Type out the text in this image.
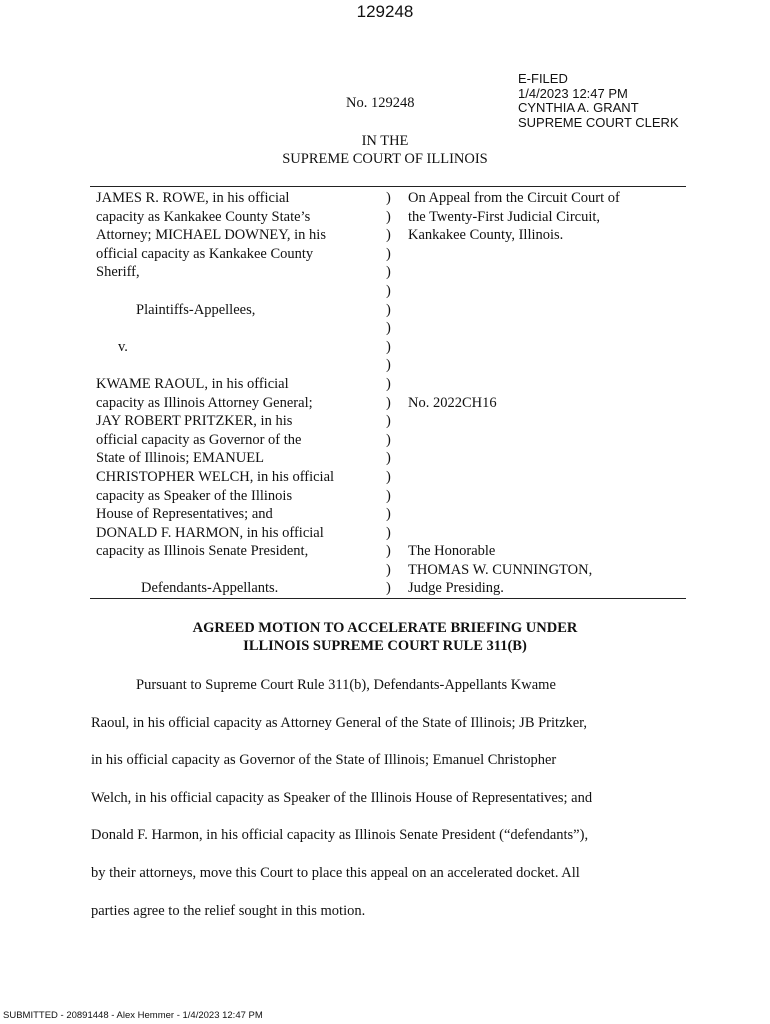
129248
E-FILED
1/4/2023 12:47 PM
CYNTHIA A. GRANT
SUPREME COURT CLERK
No. 129248
IN THE
SUPREME COURT OF ILLINOIS
JAMES R. ROWE, in his official	) On Appeal from the Circuit Court of
capacity as Kankakee County State’s	) the Twenty-First Judicial Circuit,
Attorney; MICHAEL DOWNEY, in his	) Kankakee County, Illinois.
official capacity as Kankakee County	)
Sheriff,	)
)
Plaintiffs-Appellees,	)
)
v.	)
)
KWAME RAOUL, in his official	)
capacity as Illinois Attorney General;	) No. 2022CH16
JAY ROBERT PRITZKER, in his	)
official capacity as Governor of the	)
State of Illinois; EMANUEL	)
CHRISTOPHER WELCH, in his official	)
capacity as Speaker of the Illinois	)
House of Representatives; and	)
DONALD F. HARMON, in his official	)
capacity as Illinois Senate President,	) The Honorable
) THOMAS W. CUNNINGTON,
Defendants-Appellants.	) Judge Presiding.
AGREED MOTION TO ACCELERATE BRIEFING UNDER
ILLINOIS SUPREME COURT RULE 311(B)
Pursuant to Supreme Court Rule 311(b), Defendants-Appellants Kwame
Raoul, in his official capacity as Attorney General of the State of Illinois; JB Pritzker,
in his official capacity as Governor of the State of Illinois; Emanuel Christopher
Welch, in his official capacity as Speaker of the Illinois House of Representatives; and
Donald F. Harmon, in his official capacity as Illinois Senate President (“defendants”),
by their attorneys, move this Court to place this appeal on an accelerated docket. All
parties agree to the relief sought in this motion.
SUBMITTED - 20891448 - Alex Hemmer - 1/4/2023 12:47 PM
